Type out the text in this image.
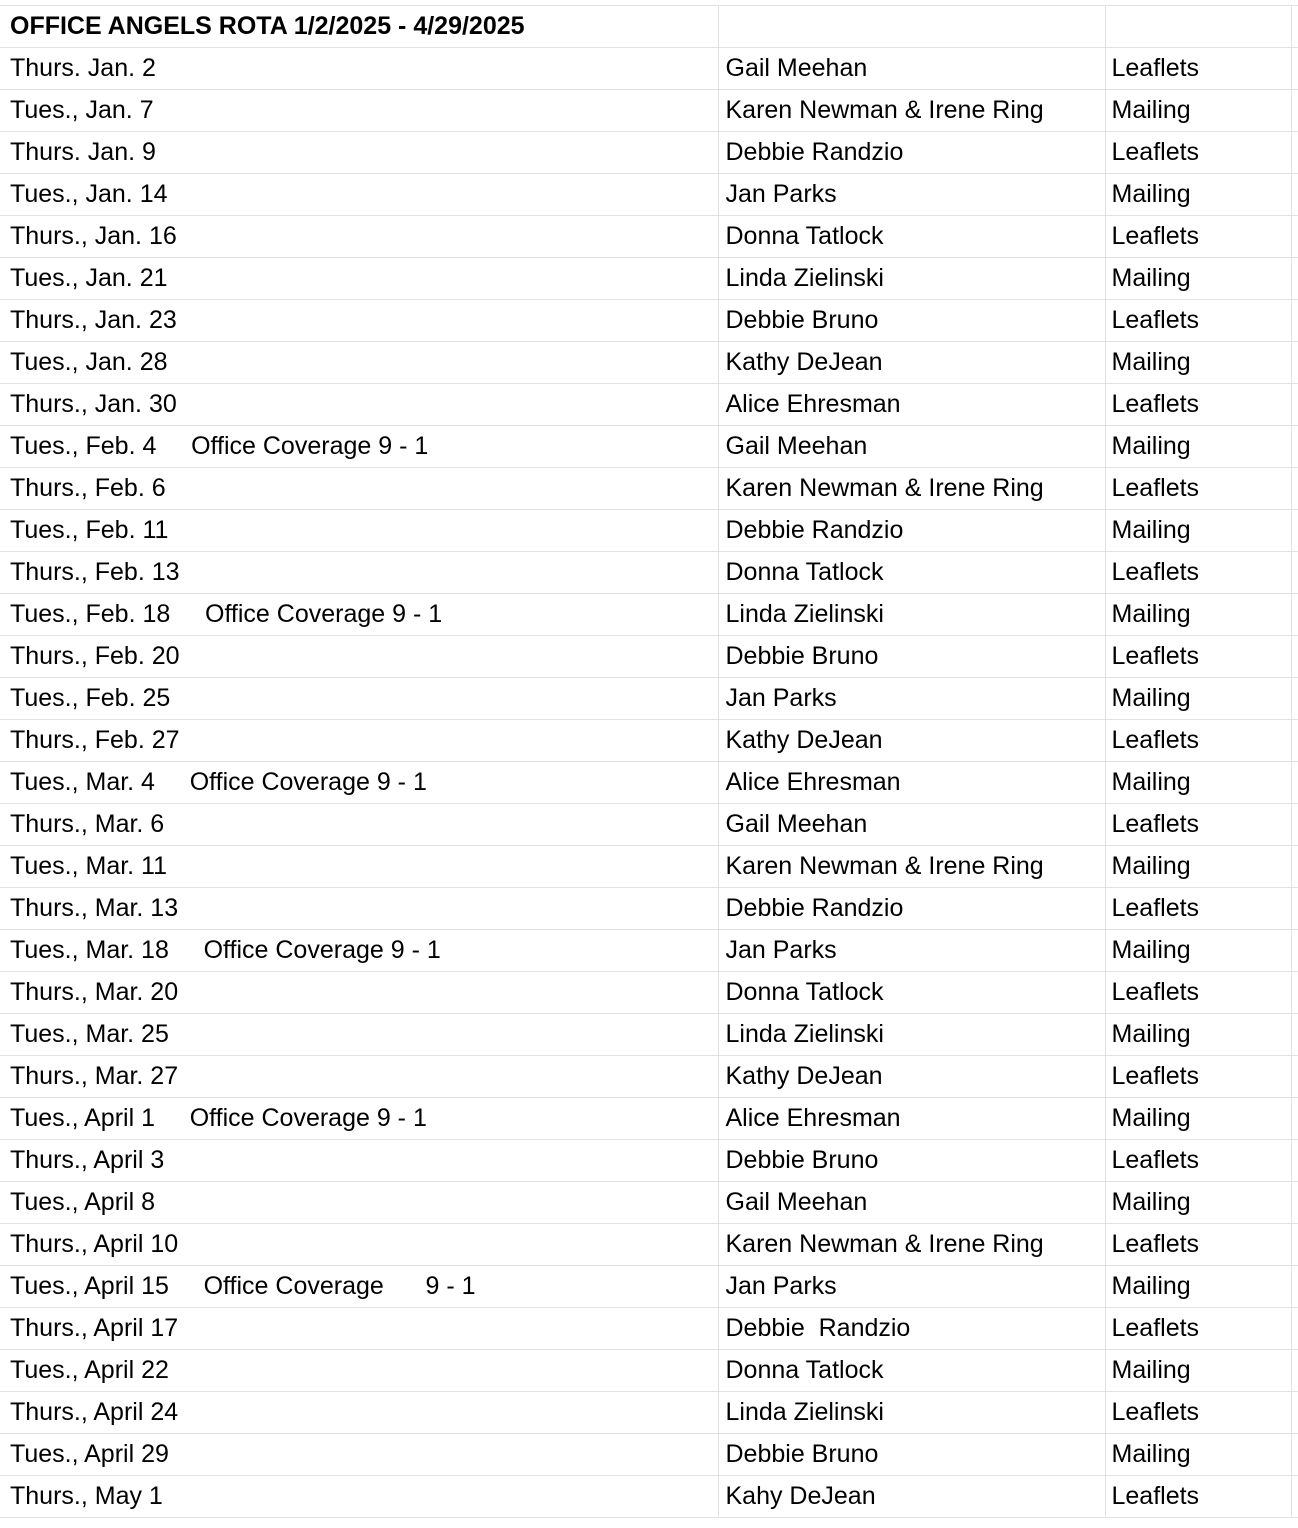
OFFICE ANGELS ROTA 1/2/2025 - 4/29/2025			
Thurs. Jan. 2	Gail Meehan	Leaflets	
Tues., Jan. 7	Karen Newman & Irene Ring	Mailing	
Thurs. Jan. 9	Debbie Randzio	Leaflets	
Tues., Jan. 14	Jan Parks	Mailing	
Thurs., Jan. 16	Donna Tatlock	Leaflets	
Tues., Jan. 21	Linda Zielinski	Mailing	
Thurs., Jan. 23	Debbie Bruno	Leaflets	
Tues., Jan. 28	Kathy DeJean	Mailing	
Thurs., Jan. 30	Alice Ehresman	Leaflets	
Tues., Feb. 4     Office Coverage 9 - 1	Gail Meehan	Mailing	
Thurs., Feb. 6	Karen Newman & Irene Ring	Leaflets	
Tues., Feb. 11	Debbie Randzio	Mailing	
Thurs., Feb. 13	Donna Tatlock	Leaflets	
Tues., Feb. 18     Office Coverage 9 - 1	Linda Zielinski	Mailing	
Thurs., Feb. 20	Debbie Bruno	Leaflets	
Tues., Feb. 25	Jan Parks	Mailing	
Thurs., Feb. 27	Kathy DeJean	Leaflets	
Tues., Mar. 4     Office Coverage 9 - 1	Alice Ehresman	Mailing	
Thurs., Mar. 6	Gail Meehan	Leaflets	
Tues., Mar. 11	Karen Newman & Irene Ring	Mailing	
Thurs., Mar. 13	Debbie Randzio	Leaflets	
Tues., Mar. 18     Office Coverage 9 - 1	Jan Parks	Mailing	
Thurs., Mar. 20	Donna Tatlock	Leaflets	
Tues., Mar. 25	Linda Zielinski	Mailing	
Thurs., Mar. 27	Kathy DeJean	Leaflets	
Tues., April 1     Office Coverage 9 - 1	Alice Ehresman	Mailing	
Thurs., April 3	Debbie Bruno	Leaflets	
Tues., April 8	Gail Meehan	Mailing	
Thurs., April 10	Karen Newman & Irene Ring	Leaflets	
Tues., April 15     Office Coverage      9 - 1	Jan Parks	Mailing	
Thurs., April 17	Debbie  Randzio	Leaflets	
Tues., April 22	Donna Tatlock	Mailing	
Thurs., April 24	Linda Zielinski	Leaflets	
Tues., April 29	Debbie Bruno	Mailing	
Thurs., May 1	Kahy DeJean	Leaflets	
